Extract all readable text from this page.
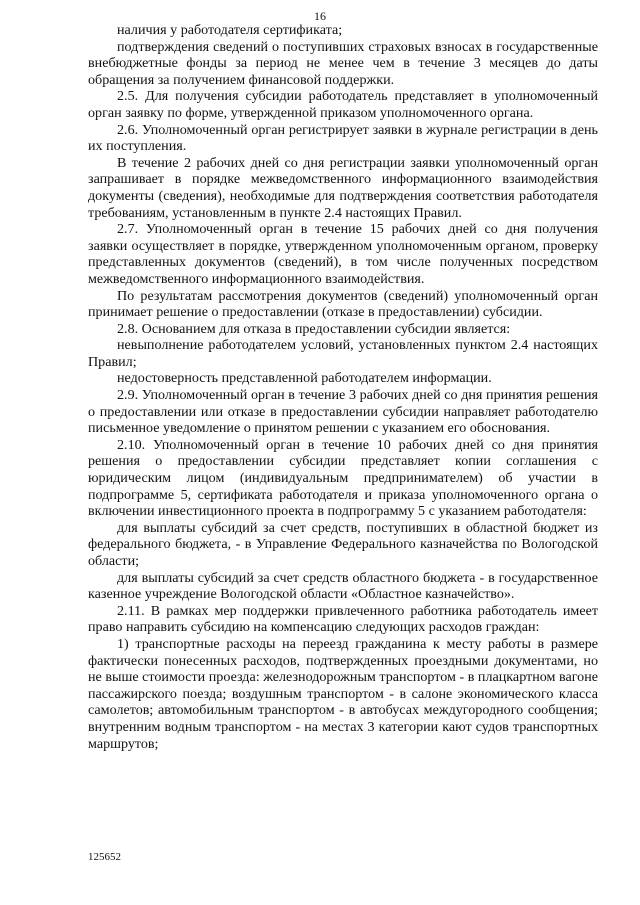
16

наличия у работодателя сертификата;

подтверждения сведений о поступивших страховых взносах в государственные внебюджетные фонды за период не менее чем в течение 3 месяцев до даты обращения за получением финансовой поддержки.

2.5. Для получения субсидии работодатель представляет в уполномоченный орган заявку по форме, утвержденной приказом уполномоченного органа.

2.6. Уполномоченный орган регистрирует заявки в журнале регистрации в день их поступления.

В течение 2 рабочих дней со дня регистрации заявки уполномоченный орган запрашивает в порядке межведомственного информационного взаимодействия документы (сведения), необходимые для подтверждения соответствия работодателя требованиям, установленным в пункте 2.4 настоящих Правил.

2.7. Уполномоченный орган в течение 15 рабочих дней со дня получения заявки осуществляет в порядке, утвержденном уполномоченным органом, проверку представленных документов (сведений), в том числе полученных посредством межведомственного информационного взаимодействия.

По результатам рассмотрения документов (сведений) уполномоченный орган принимает решение о предоставлении (отказе в предоставлении) субсидии.

2.8. Основанием для отказа в предоставлении субсидии является:

невыполнение работодателем условий, установленных пунктом 2.4 настоящих Правил;

недостоверность представленной работодателем информации.

2.9. Уполномоченный орган в течение 3 рабочих дней со дня принятия решения о предоставлении или отказе в предоставлении субсидии направляет работодателю письменное уведомление о принятом решении с указанием его обоснования.

2.10. Уполномоченный орган в течение 10 рабочих дней со дня принятия решения о предоставлении субсидии представляет копии соглашения с юридическим лицом (индивидуальным предпринимателем) об участии в подпрограмме 5, сертификата работодателя и приказа уполномоченного органа о включении инвестиционного проекта в подпрограмму 5 с указанием работодателя:

для выплаты субсидий за счет средств, поступивших в областной бюджет из федерального бюджета, - в Управление Федерального казначейства по Вологодской области;

для выплаты субсидий за счет средств областного бюджета - в государственное казенное учреждение Вологодской области «Областное казначейство».

2.11. В рамках мер поддержки привлеченного работника работодатель имеет право направить субсидию на компенсацию следующих расходов граждан:

1) транспортные расходы на переезд гражданина к месту работы в размере фактически понесенных расходов, подтвержденных проездными документами, но не выше стоимости проезда: железнодорожным транспортом - в плацкартном вагоне пассажирского поезда; воздушным транспортом - в салоне экономического класса самолетов; автомобильным транспортом - в автобусах междугородного сообщения; внутренним водным транспортом - на местах 3 категории кают судов транспортных маршрутов;

125652
